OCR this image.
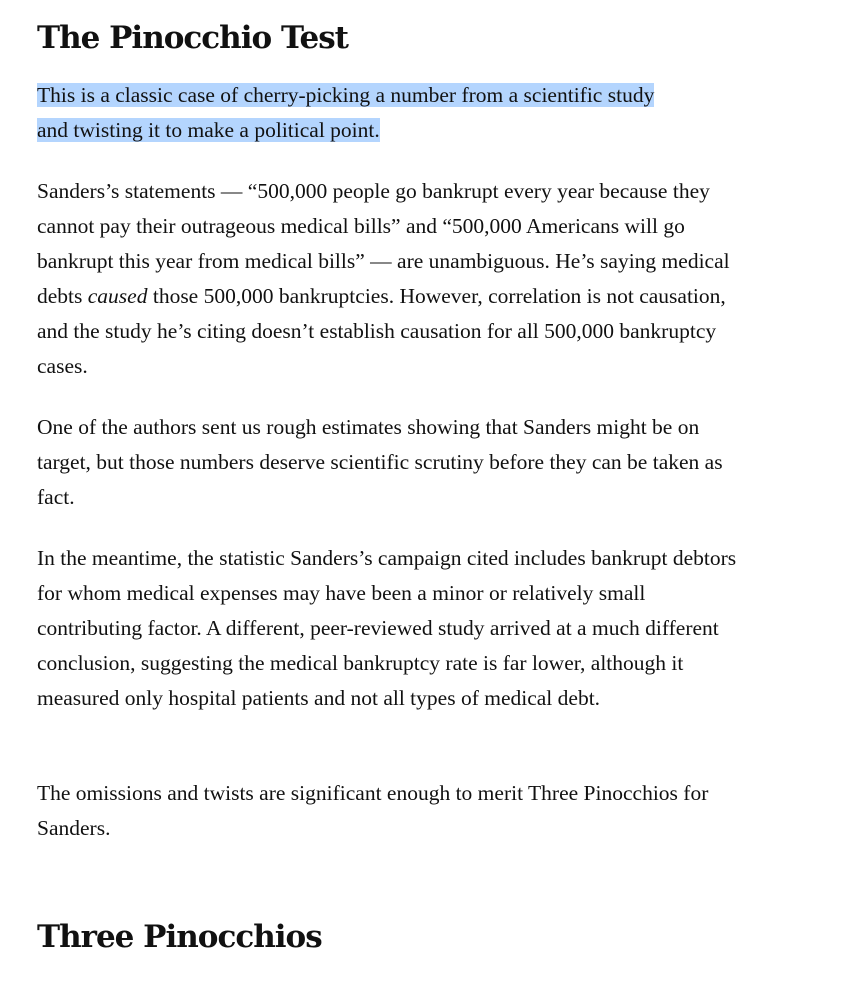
The Pinocchio Test

This is a classic case of cherry-picking a number from a scientific study
and twisting it to make a political point.

Sanders’s statements — “500,000 people go bankrupt every year because they cannot pay their outrageous medical bills” and “500,000 Americans will go bankrupt this year from medical bills” — are unambiguous. He’s saying medical debts caused those 500,000 bankruptcies. However, correlation is not causation, and the study he’s citing doesn’t establish causation for all 500,000 bankruptcy cases.

One of the authors sent us rough estimates showing that Sanders might be on target, but those numbers deserve scientific scrutiny before they can be taken as fact.

In the meantime, the statistic Sanders’s campaign cited includes bankrupt debtors for whom medical expenses may have been a minor or relatively small contributing factor. A different, peer-reviewed study arrived at a much different conclusion, suggesting the medical bankruptcy rate is far lower, although it measured only hospital patients and not all types of medical debt.

The omissions and twists are significant enough to merit Three Pinocchios for Sanders.

Three Pinocchios
